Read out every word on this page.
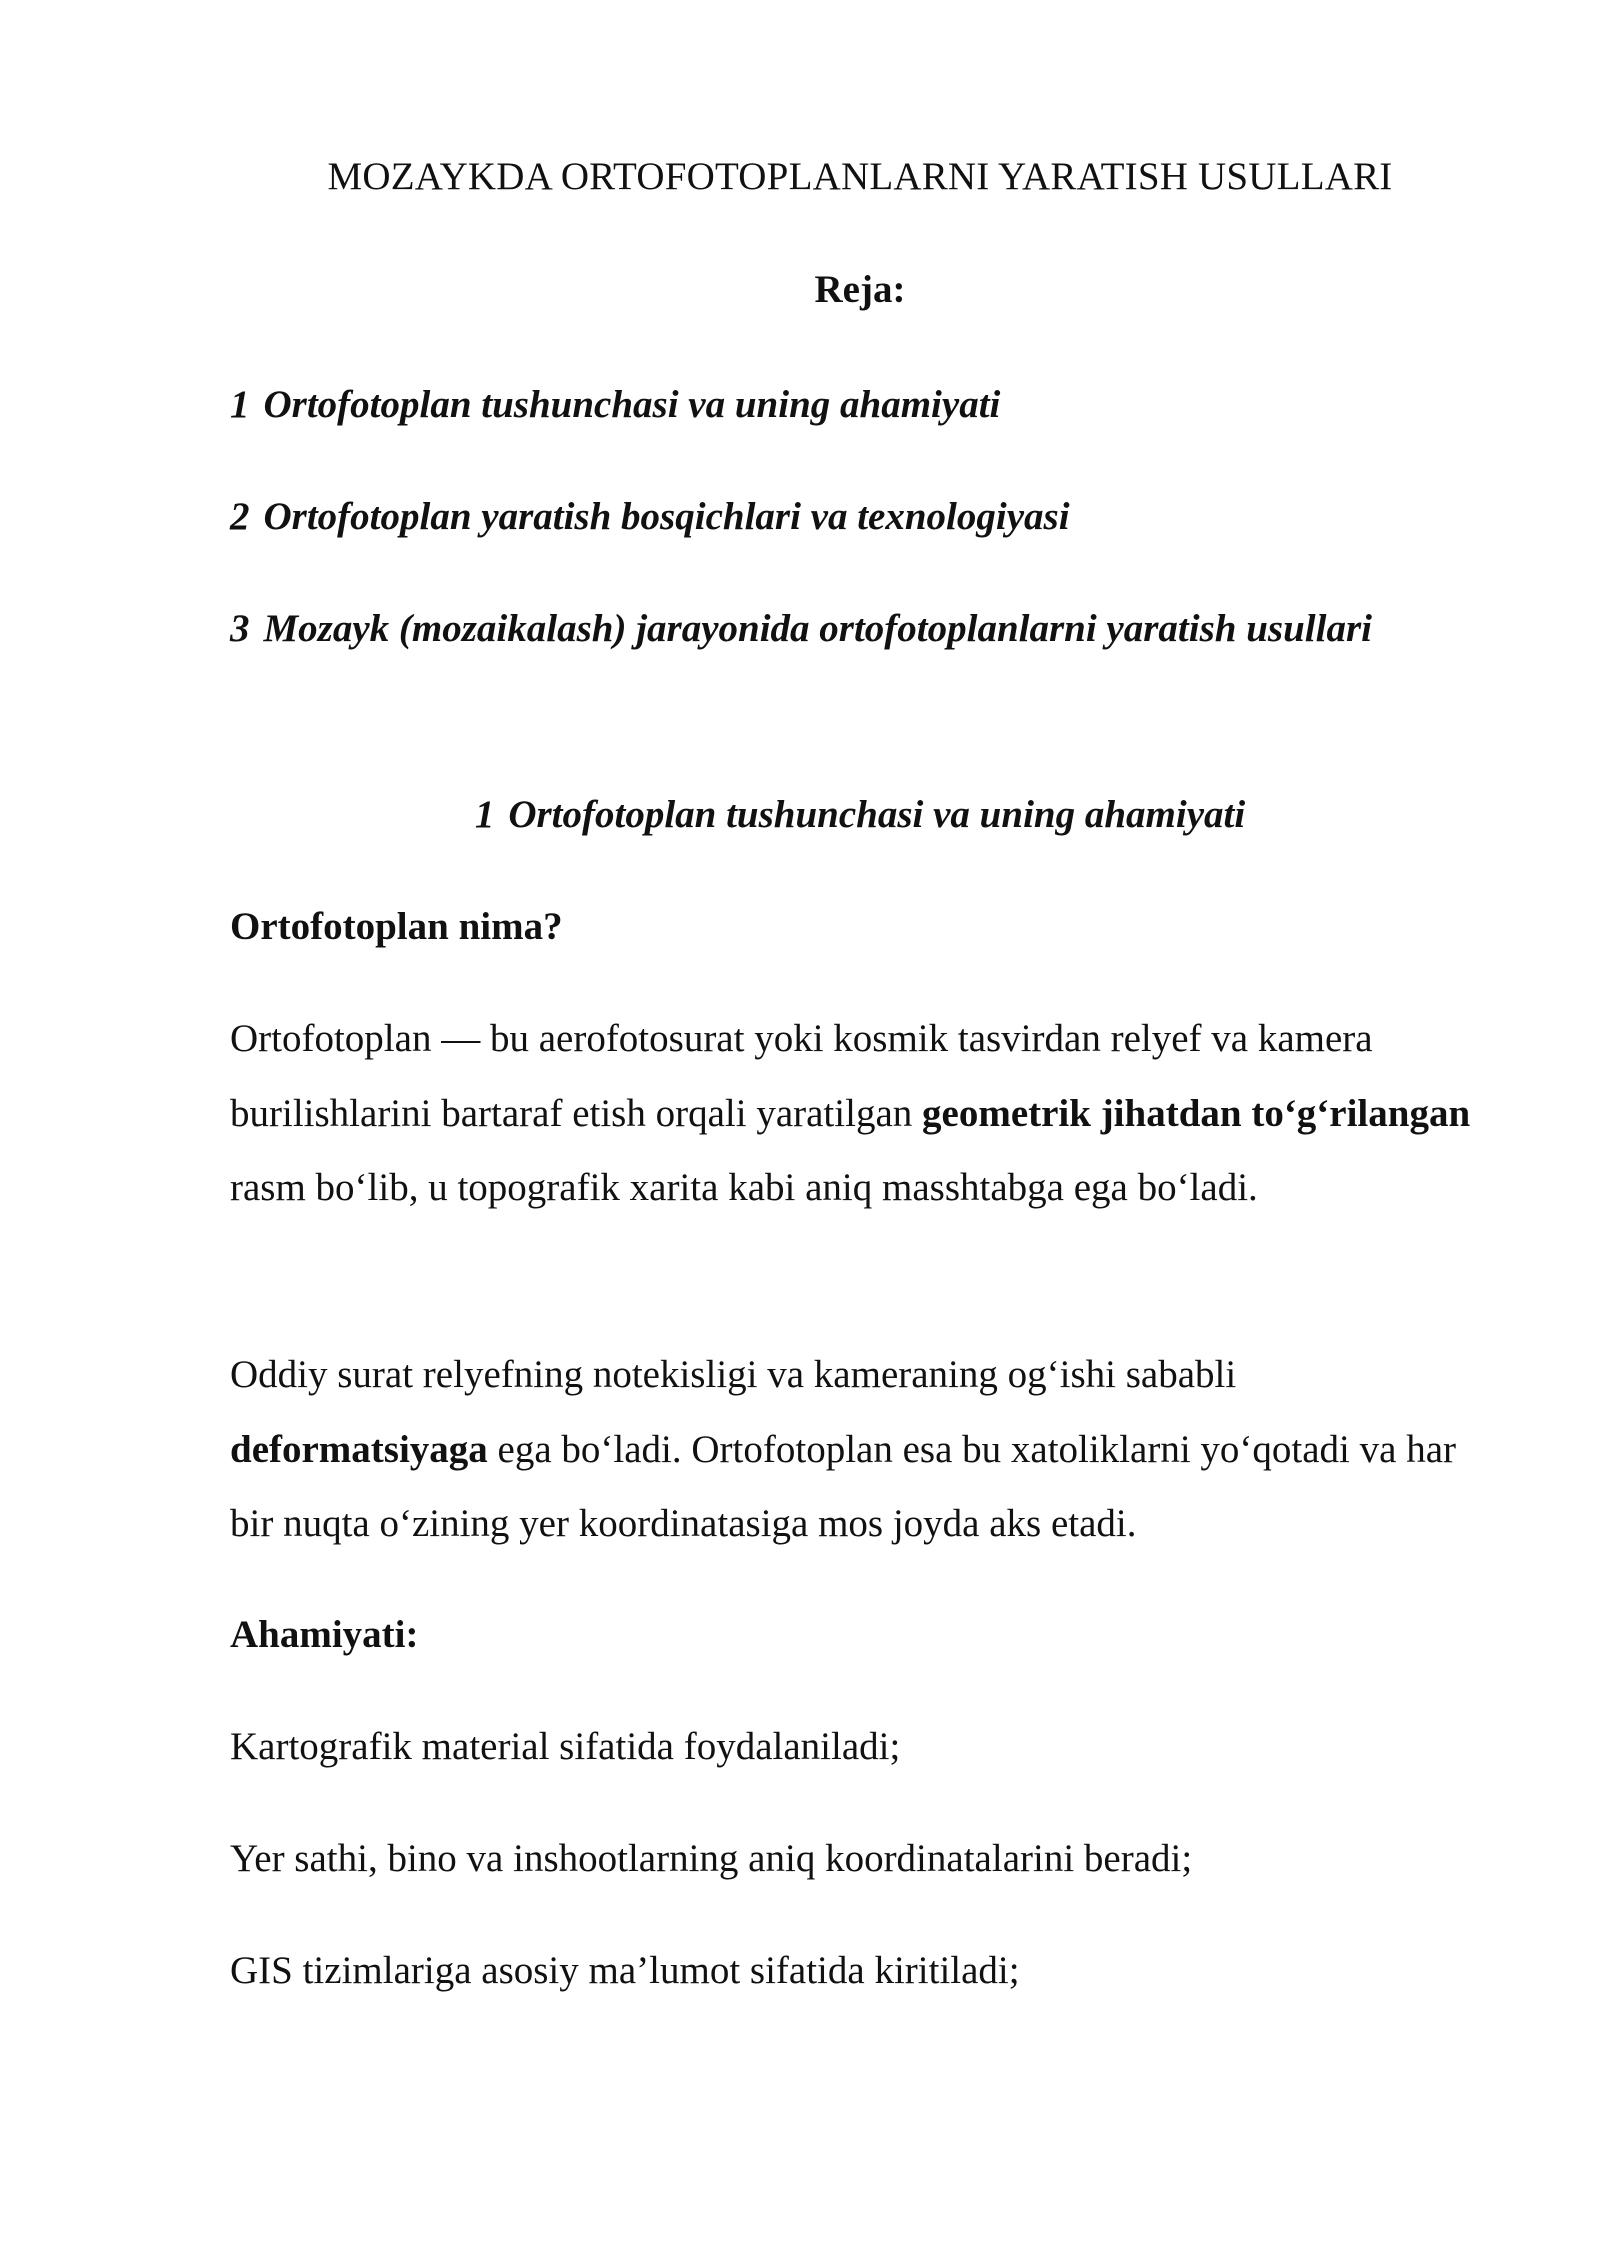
MOZAYKDA ORTOFOTOPLANLARNI YARATISH USULLARI
Reja:

1 Ortofotoplan tushunchasi va uning ahamiyati

2 Ortofotoplan yaratish bosqichlari va texnologiyasi

3 Mozayk (mozaikalash) jarayonida ortofotoplanlarni yaratish usullari

1 Ortofotoplan tushunchasi va uning ahamiyati
Ortofotoplan nima?

Ortofotoplan — bu aerofotosurat yoki kosmik tasvirdan relyef va kamera burilishlarini bartaraf etish orqali yaratilgan geometrik jihatdan to‘g‘rilangan rasm bo‘lib, u topografik xarita kabi aniq masshtabga ega bo‘ladi.

Oddiy surat relyefning notekisligi va kameraning og‘ishi sababli deformatsiyaga ega bo‘ladi. Ortofotoplan esa bu xatoliklarni yo‘qotadi va har bir nuqta o‘zining yer koordinatasiga mos joyda aks etadi.

Ahamiyati:

Kartografik material sifatida foydalaniladi;

Yer sathi, bino va inshootlarning aniq koordinatalarini beradi;

GIS tizimlariga asosiy ma’lumot sifatida kiritiladi;
